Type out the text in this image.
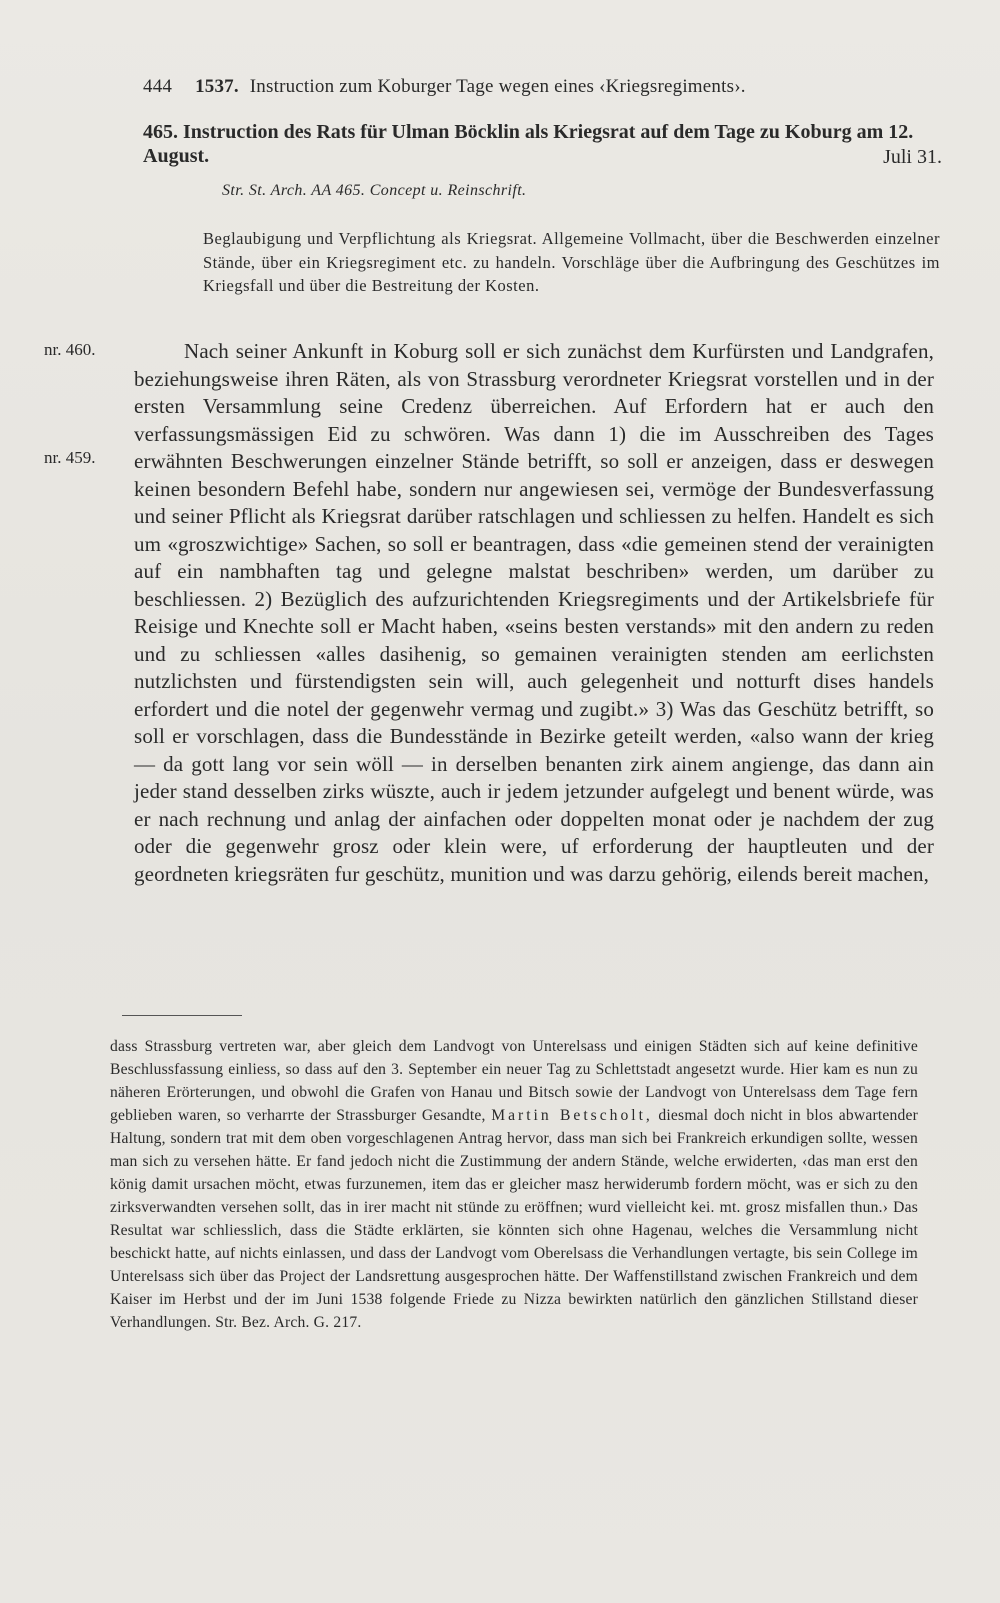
444 1537. Instruction zum Koburger Tage wegen eines ‹Kriegsregiments›.
465. Instruction des Rats für Ulman Böcklin als Kriegsrat auf dem Tage zu Koburg am 12. August.	Juli 31.
Str. St. Arch. AA 465. Concept u. Reinschrift.
Beglaubigung und Verpflichtung als Kriegsrat. Allgemeine Vollmacht, über die Beschwerden einzelner Stände, über ein Kriegsregiment etc. zu handeln. Vorschläge über die Aufbringung des Geschützes im Kriegsfall und über die Bestreitung der Kosten.
nr. 460.
nr. 459.

Nach seiner Ankunft in Koburg soll er sich zunächst dem Kurfürsten und Landgrafen, beziehungsweise ihren Räten, als von Strassburg verordneter Kriegsrat vorstellen und in der ersten Versammlung seine Credenz überreichen. Auf Erfordern hat er auch den verfassungsmässigen Eid zu schwören. Was dann 1) die im Ausschreiben des Tages erwähnten Beschwerungen einzelner Stände betrifft, so soll er anzeigen, dass er deswegen keinen besondern Befehl habe, sondern nur angewiesen sei, vermöge der Bundesverfassung und seiner Pflicht als Kriegsrat darüber ratschlagen und schliessen zu helfen. Handelt es sich um «groszwichtige» Sachen, so soll er beantragen, dass «die gemeinen stend der verainigten auf ein nambhaften tag und gelegne malstat beschriben» werden, um darüber zu beschliessen. 2) Bezüglich des aufzurichtenden Kriegsregiments und der Artikelsbriefe für Reisige und Knechte soll er Macht haben, «seins besten verstands» mit den andern zu reden und zu schliessen «alles dasihenig, so gemainen verainigten stenden am eerlichsten nutzlichsten und fürstendigsten sein will, auch gelegenheit und notturft dises handels erfordert und die notel der gegenwehr vermag und zugibt.» 3) Was das Geschütz betrifft, so soll er vorschlagen, dass die Bundesstände in Bezirke geteilt werden, «also wann der krieg — da gott lang vor sein wöll — in derselben benanten zirk ainem angienge, das dann ain jeder stand desselben zirks wüszte, auch ir jedem jetzunder aufgelegt und benent würde, was er nach rechnung und anlag der ainfachen oder doppelten monat oder je nachdem der zug oder die gegenwehr grosz oder klein were, uf erforderung der hauptleuten und der geordneten kriegsräten fur geschütz, munition und was darzu gehörig, eilends bereit machen,

dass Strassburg vertreten war, aber gleich dem Landvogt von Unterelsass und einigen Städten sich auf keine definitive Beschlussfassung einliess, so dass auf den 3. September ein neuer Tag zu Schlettstadt angesetzt wurde. Hier kam es nun zu näheren Erörterungen, und obwohl die Grafen von Hanau und Bitsch sowie der Landvogt von Unterelsass dem Tage fern geblieben waren, so verharrte der Strassburger Gesandte, Martin Betscholt, diesmal doch nicht in blos abwartender Haltung, sondern trat mit dem oben vorgeschlagenen Antrag hervor, dass man sich bei Frankreich erkundigen sollte, wessen man sich zu versehen hätte. Er fand jedoch nicht die Zustimmung der andern Stände, welche erwiderten, ‹das man erst den könig damit ursachen möcht, etwas furzunemen, item das er gleicher masz herwiderumb fordern möcht, was er sich zu den zirksverwandten versehen sollt, das in irer macht nit stünde zu eröffnen; wurd vielleicht kei. mt. grosz misfallen thun.› Das Resultat war schliesslich, dass die Städte erklärten, sie könnten sich ohne Hagenau, welches die Versammlung nicht beschickt hatte, auf nichts einlassen, und dass der Landvogt vom Oberelsass die Verhandlungen vertagte, bis sein College im Unterelsass sich über das Project der Landsrettung ausgesprochen hätte. Der Waffenstillstand zwischen Frankreich und dem Kaiser im Herbst und der im Juni 1538 folgende Friede zu Nizza bewirkten natürlich den gänzlichen Stillstand dieser Verhandlungen. Str. Bez. Arch. G. 217.
